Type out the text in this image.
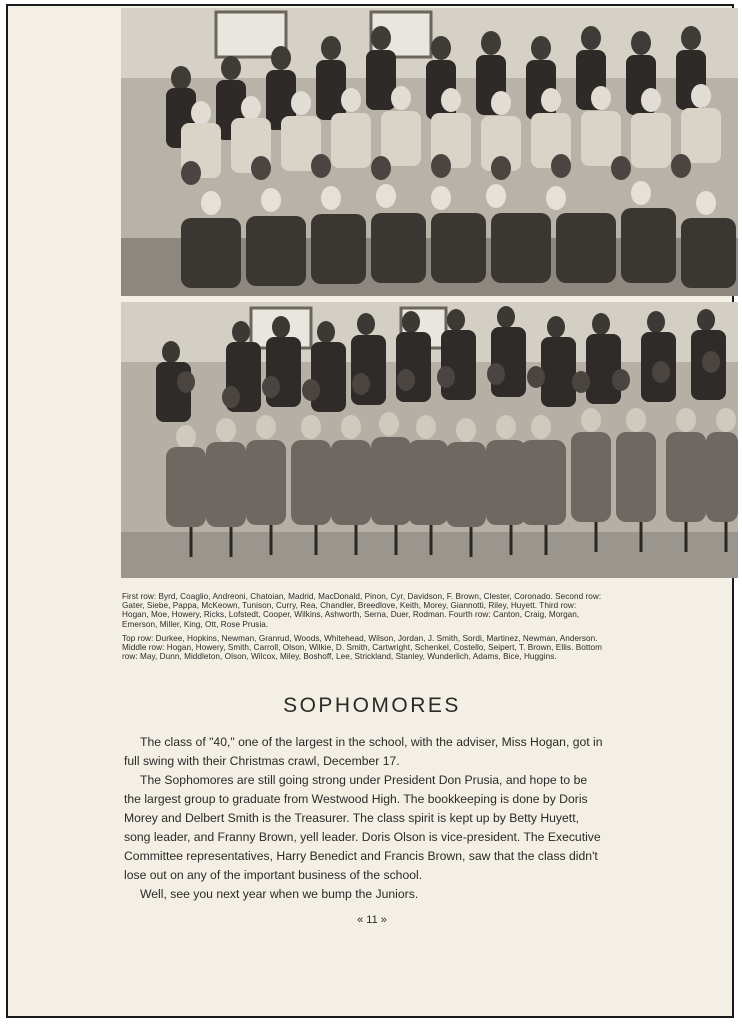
First row: Byrd, Coaglio, Andreoni, Chatoian, Madrid, MacDonald, Pinon, Cyr, Davidson, F. Brown, Clester, Coronado. Second row: Gater, Siebe, Pappa, McKeown, Tunison, Curry, Rea, Chandler, Breedlove, Keith, Morey, Giannotti, Riley, Huyett. Third row: Hogan, Moe, Howery, Ricks, Lofstedt, Cooper, Wilkins, Ashworth, Serna, Duer, Rodman. Fourth row: Canton, Craig, Morgan, Emerson, Miller, King, Ott, Rose Prusia.

Top row: Durkee, Hopkins, Newman, Granrud, Woods, Whitehead, Wilson, Jordan, J. Smith, Sordi, Martinez, Newman, Anderson. Middle row: Hogan, Howery, Smith, Carroll, Olson, Wilkie, D. Smith, Cartwright, Schenkel, Costello, Seipert, T. Brown, Ellis. Bottom row: May, Dunn, Middleton, Olson, Wilcox, Miley, Boshoff, Lee, Strickland, Stanley, Wunderlich, Adams, Bice, Huggins.

SOPHOMORES

The class of "40," one of the largest in the school, with the adviser, Miss Hogan, got in full swing with their Christmas crawl, December 17.

The Sophomores are still going strong under President Don Prusia, and hope to be the largest group to graduate from Westwood High. The bookkeeping is done by Doris Morey and Delbert Smith is the Treasurer. The class spirit is kept up by Betty Huyett, song leader, and Franny Brown, yell leader. Doris Olson is vice-president. The Executive Committee representatives, Harry Benedict and Francis Brown, saw that the class didn't lose out on any of the important business of the school.

Well, see you next year when we bump the Juniors.

« 11 »
